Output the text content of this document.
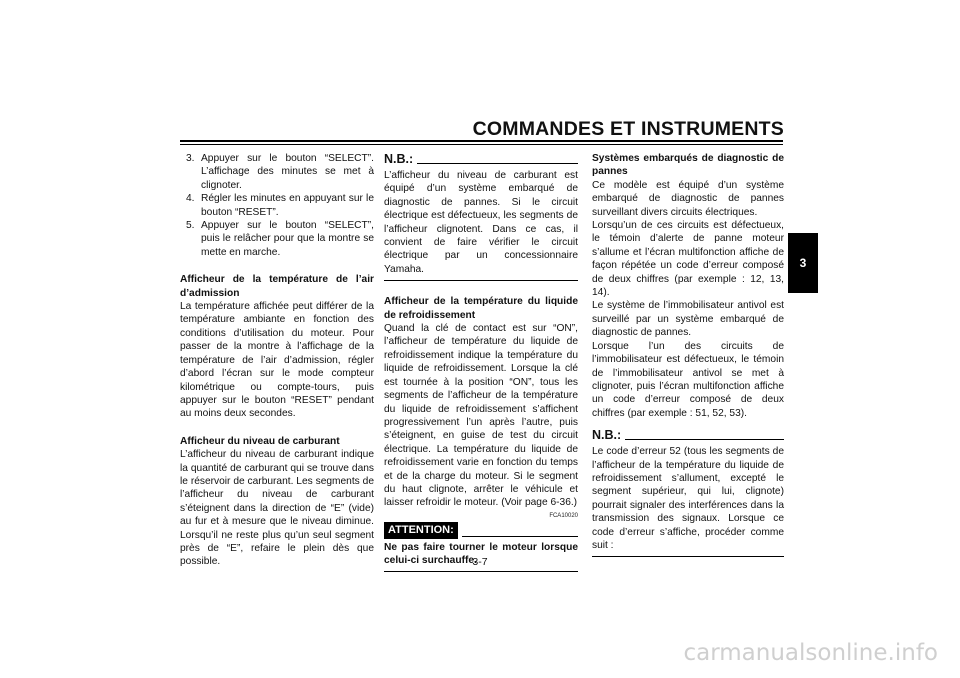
COMMANDES ET INSTRUMENTS
3
3. Appuyer sur le bouton “SELECT”. L’affichage des minutes se met à clignoter.
4. Régler les minutes en appuyant sur le bouton “RESET”.
5. Appuyer sur le bouton “SELECT”, puis le relâcher pour que la montre se mette en marche.

Afficheur de la température de l’air d’admission

La température affichée peut différer de la température ambiante en fonction des conditions d’utilisation du moteur. Pour passer de la montre à l’affichage de la température de l’air d’admission, régler d’abord l’écran sur le mode compteur kilométrique ou compte-tours, puis appuyer sur le bouton “RESET” pendant au moins deux secondes.

Afficheur du niveau de carburant

L’afficheur du niveau de carburant indique la quantité de carburant qui se trouve dans le réservoir de carburant. Les segments de l’afficheur du niveau de carburant s’éteignent dans la direction de “E” (vide) au fur et à mesure que le niveau diminue. Lorsqu’il ne reste plus qu’un seul segment près de “E”, refaire le plein dès que possible.

N.B.:

L’afficheur du niveau de carburant est équipé d’un système embarqué de diagnostic de pannes. Si le circuit électrique est défectueux, les segments de l’afficheur clignotent. Dans ce cas, il convient de faire vérifier le circuit électrique par un concessionnaire Yamaha.

Afficheur de la température du liquide de refroidissement

Quand la clé de contact est sur “ON”, l’afficheur de température du liquide de refroidissement indique la température du liquide de refroidissement. Lorsque la clé est tournée à la position “ON”, tous les segments de l’afficheur de la température du liquide de refroidissement s’affichent progressivement l’un après l’autre, puis s’éteignent, en guise de test du circuit électrique. La température du liquide de refroidissement varie en fonction du temps et de la charge du moteur. Si le segment du haut clignote, arrêter le véhicule et laisser refroidir le moteur. (Voir page 6-36.)

FCA10020
ATTENTION:

Ne pas faire tourner le moteur lorsque celui-ci surchauffe.

Systèmes embarqués de diagnostic de pannes

Ce modèle est équipé d’un système embarqué de diagnostic de pannes surveillant divers circuits électriques.

Lorsqu’un de ces circuits est défectueux, le témoin d’alerte de panne moteur s’allume et l’écran multifonction affiche de façon répétée un code d’erreur composé de deux chiffres (par exemple : 12, 13, 14).

Le système de l’immobilisateur antivol est surveillé par un système embarqué de diagnostic de pannes.

Lorsque l’un des circuits de l’immobilisateur est défectueux, le témoin de l’immobilisateur antivol se met à clignoter, puis l’écran multifonction affiche un code d’erreur composé de deux chiffres (par exemple : 51, 52, 53).

N.B.:

Le code d’erreur 52 (tous les segments de l’afficheur de la température du liquide de refroidissement s’allument, excepté le segment supérieur, qui lui, clignote) pourrait signaler des interférences dans la transmission des signaux. Lorsque ce code d’erreur s’affiche, procéder comme suit :

3-7

carmanualsonline.info
